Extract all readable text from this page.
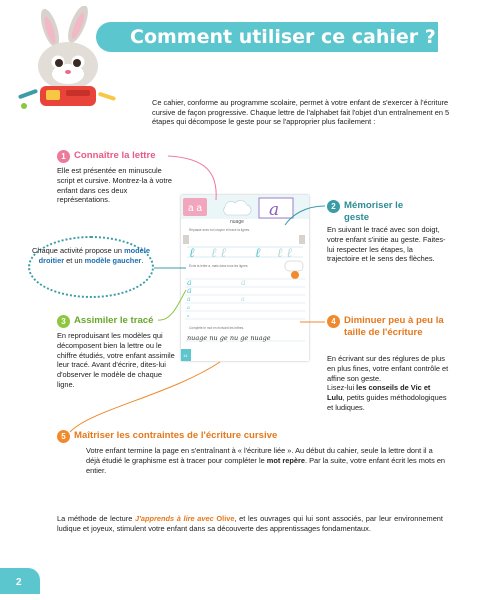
Comment utiliser ce cahier ?
Ce cahier, conforme au programme scolaire, permet à votre enfant de s'exercer à l'écriture cursive de façon progressive. Chaque lettre de l'alphabet fait l'objet d'un entraînement en 5 étapes qui décompose le geste pour se l'approprier plus facilement :
1 Connaître la lettre
Elle est présentée en minuscule script et cursive. Montrez-la à votre enfant dans ces deux représentations.
Chaque activité propose un modèle droitier et un modèle gaucher.
3 Assimiler le tracé
En reproduisant les modèles qui décomposent bien la lettre ou le chiffre étudiés, votre enfant assimile leur tracé. Avant d'écrire, dites-lui d'observer le modèle de chaque ligne.
2 Mémoriser le geste
En suivant le tracé avec son doigt, votre enfant s'initie au geste. Faites-lui respecter les étapes, la trajectoire et le sens des flèches.
4 Diminuer peu à peu la taille de l'écriture
En écrivant sur des réglures de plus en plus fines, votre enfant contrôle et affine son geste.
Lisez-lui les conseils de Vic et Lulu, petits guides méthodologiques et ludiques.
5 Maîtriser les contraintes de l'écriture cursive
Votre enfant termine la page en s'entraînant à « l'écriture liée ». Au début du cahier, seule la lettre dont il a déjà étudié le graphisme est à tracer pour compléter le mot repère. Par la suite, votre enfant écrit les mots en entier.
a a
nuage
a
Repasse avec ton crayon et trace la lignes.
ℓ ℓ ℓ ℓ ℓ ℓ
Écris la lettre a, mais dans tous les lignes.
a
a
a
a
a
a
a
Complète le mot en écrivant les lettres.
nuage nu ge nu ge nuage
14
La méthode de lecture J'apprends à lire avec Olive, et les ouvrages qui lui sont associés, par leur environnement ludique et joyeux, stimulent votre enfant dans sa découverte des apprentissages fondamentaux.
2
